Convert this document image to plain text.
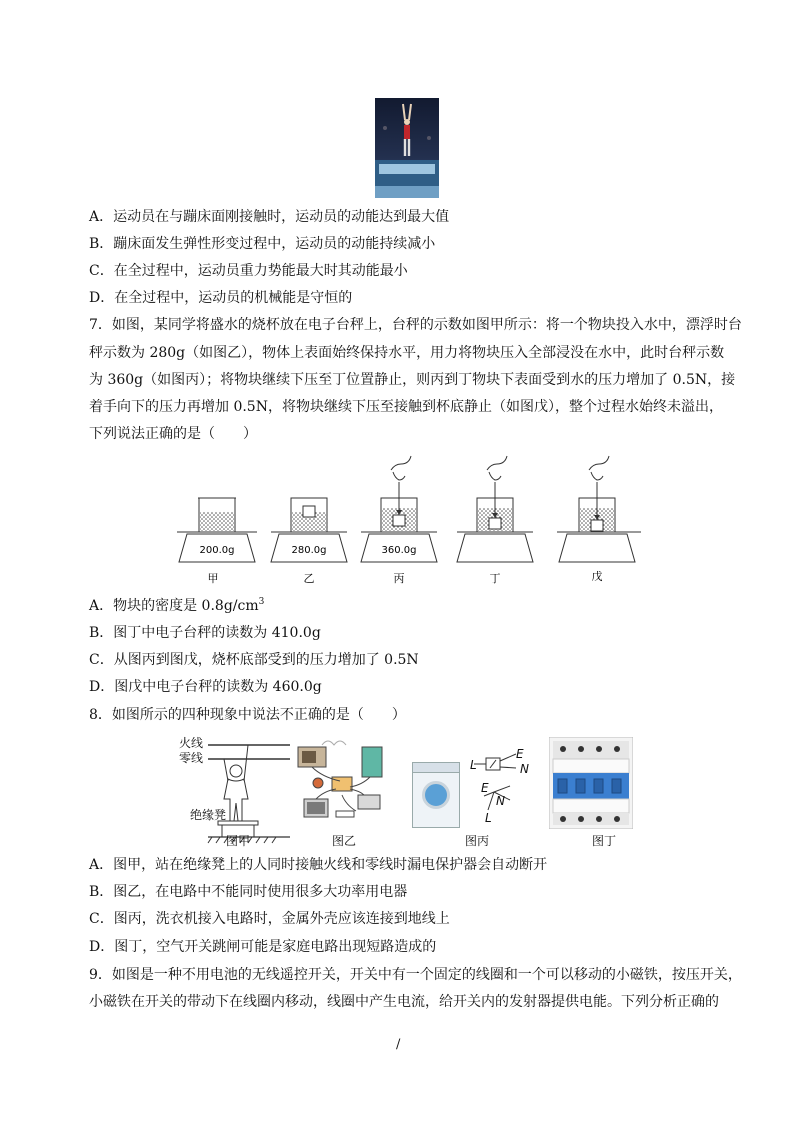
A．运动员在与蹦床面刚接触时，运动员的动能达到最大值
B．蹦床面发生弹性形变过程中，运动员的动能持续减小
C．在全过程中，运动员重力势能最大时其动能最小
D．在全过程中，运动员的机械能是守恒的
7．如图，某同学将盛水的烧杯放在电子台秤上，台秤的示数如图甲所示：将一个物块投入水中，漂浮时台
秤示数为 280g（如图乙），物体上表面始终保持水平，用力将物块压入全部浸没在水中，此时台秤示数
为 360g（如图丙）；将物块继续下压至丁位置静止，则丙到丁物块下表面受到水的压力增加了 0.5N，接
着手向下的压力再增加 0.5N，将物块继续下压至接触到杯底静止（如图戊），整个过程水始终未溢出，
下列说法正确的是（　　）
200.0g
甲
280.0g
乙
360.0g
丙	丁	戊
A．物块的密度是 $0.8g/cm^3$
B．图丁中电子台秤的读数为 410.0g
C．从图丙到图戊，烧杯底部受到的压力增加了 0.5N
D．图戊中电子台秤的读数为 460.0g
8．如图所示的四种现象中说法不正确的是（　　）
火线
零线
绝缘凳
图甲	图乙
L
E
N
E
N
L
图丙	图丁
A．图甲，站在绝缘凳上的人同时接触火线和零线时漏电保护器会自动断开
B．图乙，在电路中不能同时使用很多大功率用电器
C．图丙，洗衣机接入电路时，金属外壳应该连接到地线上
D．图丁，空气开关跳闸可能是家庭电路出现短路造成的
9．如图是一种不用电池的无线遥控开关，开关中有一个固定的线圈和一个可以移动的小磁铁，按压开关，
小磁铁在开关的带动下在线圈内移动，线圈中产生电流，给开关内的发射器提供电能。下列分析正确的
/
